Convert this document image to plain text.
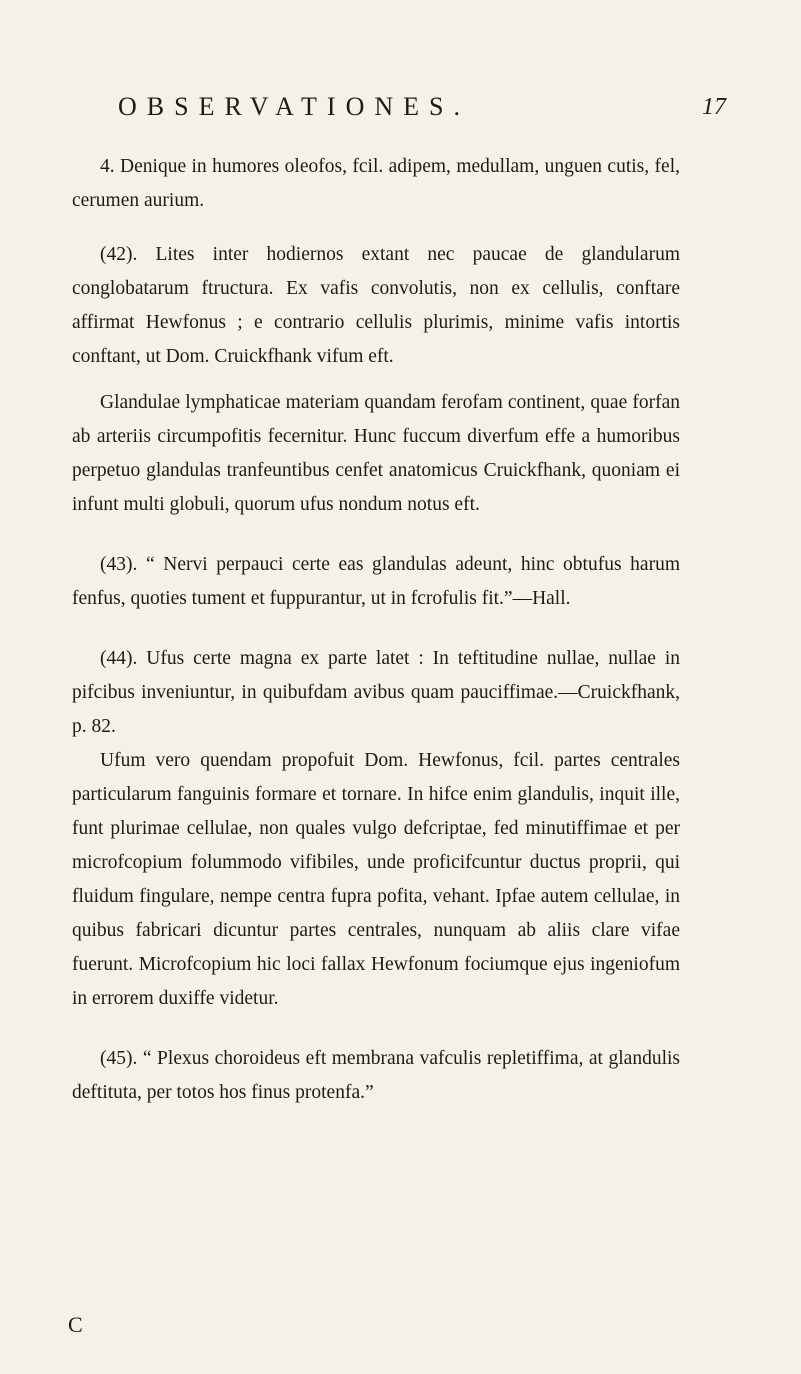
OBSERVATIONES.	17

4. Denique in humores oleofos, fcil. adipem, medullam, unguen cutis, fel, cerumen aurium.

(42). Lites inter hodiernos extant nec paucae de glandularum conglobatarum ftructura. Ex vafis convolutis, non ex cellulis, conftare affirmat Hewfonus ; e contrario cellulis plurimis, minime vafis intortis conftant, ut Dom. Cruickfhank vifum eft.

Glandulae lymphaticae materiam quandam ferofam continent, quae forfan ab arteriis circumpofitis fecernitur. Hunc fuccum diverfum effe a humoribus perpetuo glandulas tranfeuntibus cenfet anatomicus Cruickfhank, quoniam ei infunt multi globuli, quorum ufus nondum notus eft.

(43). “ Nervi perpauci certe eas glandulas adeunt, hinc obtufus harum fenfus, quoties tument et fuppurantur, ut in fcrofulis fit.”—Hall.

(44). Ufus certe magna ex parte latet : In teftitudine nullae, nullae in pifcibus inveniuntur, in quibufdam avibus quam pauciffimae.—Cruickfhank, p. 82.

Ufum vero quendam propofuit Dom. Hewfonus, fcil. partes centrales particularum fanguinis formare et tornare. In hifce enim glandulis, inquit ille, funt plurimae cellulae, non quales vulgo defcriptae, fed minutiffimae et per microfcopium folummodo vifibiles, unde proficifcuntur ductus proprii, qui fluidum fingulare, nempe centra fupra pofita, vehant. Ipfae autem cellulae, in quibus fabricari dicuntur partes centrales, nunquam ab aliis clare vifae fuerunt. Microfcopium hic loci fallax Hewfonum fociumque ejus ingeniofum in errorem duxiffe videtur.

(45). “ Plexus choroideus eft membrana vafculis repletiffima, at glandulis deftituta, per totos hos finus protenfa.”

C
